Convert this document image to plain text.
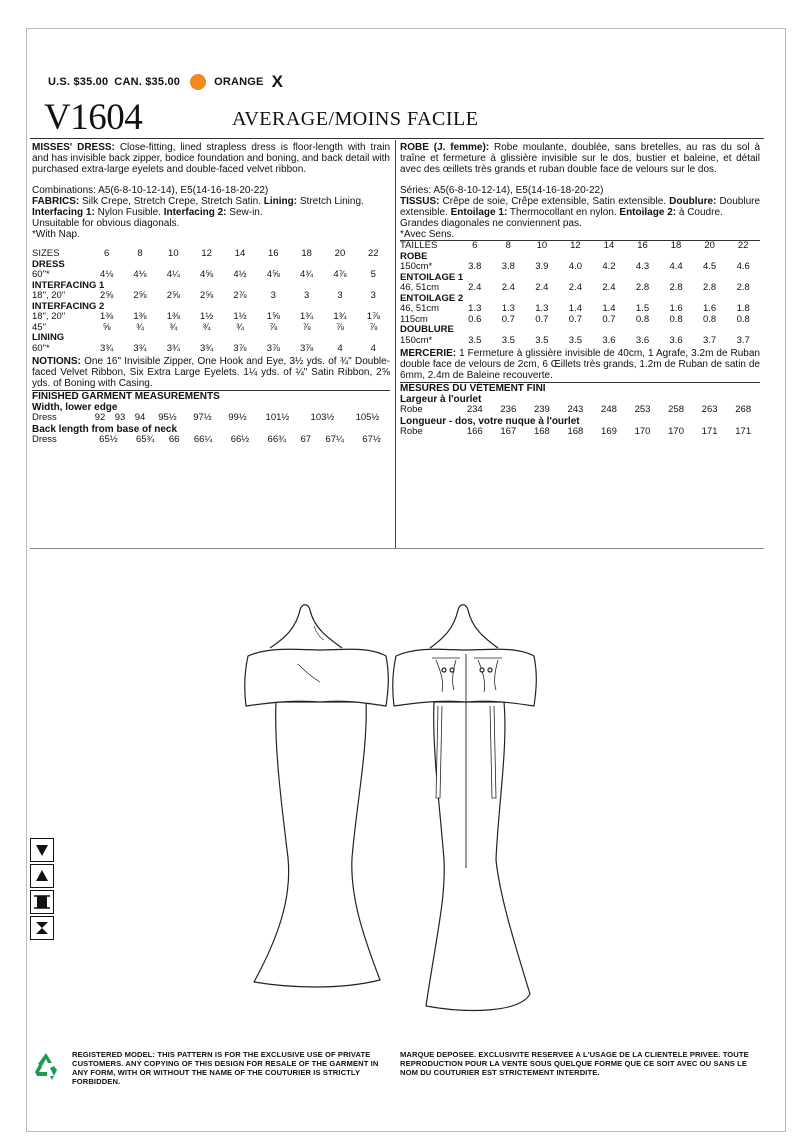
U.S. $35.00 CAN. $35.00	ORANGE X
V1604	AVERAGE/MOINS FACILE

MISSES' DRESS: Close-fitting, lined strapless dress is floor-length with train and has invisible back zipper, bodice foundation and boning, and back detail with purchased extra-large eyelets and double-faced velvet ribbon.

Combinations: A5(6-8-10-12-14), E5(14-16-18-20-22)

FABRICS: Silk Crepe, Stretch Crepe, Stretch Satin. Lining: Stretch Lining. Interfacing 1: Nylon Fusible. Interfacing 2: Sew-in.

Unsuitable for obvious diagonals.

*With Nap.

SIZES	6	8	10	12	14	16	18	20	22
DRESS									
60"*	4⅛	4⅛	4¼	4⅝	4½	4⅝	4¾	4⅞	5
INTERFACING 1									
18", 20"	2⅝	2⅝	2⅝	2⅝	2⅞	3	3	3	3
INTERFACING 2									
18", 20"	1⅜	1⅜	1⅜	1½	1½	1⅝	1¾	1¾	1⅞
45"	⅝	¾	¾	¾	¾	⅞	⅞	⅞	⅞
LINING									
60"*	3¾	3¾	3¾	3¾	3⅞	3⅞	3⅞	4	4

NOTIONS: One 16" Invisible Zipper, One Hook and Eye, 3½ yds. of ¾" Double-faced Velvet Ribbon, Six Extra Large Eyelets. 1¼ yds. of ¼" Satin Ribbon, 2⅝ yds. of Boning with Casing.

FINISHED GARMENT MEASUREMENTS
Width, lower edge
Dress	92	93	94	95½	97½	99½	101½	103½	105½
Back length from base of neck
Dress	65½	65¾	66	66¼	66½	66¾	67	67¼	67½

ROBE (J. femme): Robe moulante, doublée, sans bretelles, au ras du sol à traîne et fermeture à glissière invisible sur le dos, bustier et baleine, et détail avec des œillets très grands et ruban double face de velours sur le dos.

Séries: A5(6-8-10-12-14), E5(14-16-18-20-22)

TISSUS: Crêpe de soie, Crêpe extensible, Satin extensible. Doublure: Doublure extensible. Entoilage 1: Thermocollant en nylon. Entoilage 2: à Coudre.

Grandes diagonales ne conviennent pas.

*Avec Sens.

TAILLES	6	8	10	12	14	16	18	20	22
ROBE									
150cm*	3.8	3.8	3.9	4.0	4.2	4.3	4.4	4.5	4.6
ENTOILAGE 1									
46, 51cm	2.4	2.4	2.4	2.4	2.4	2.8	2.8	2.8	2.8
ENTOILAGE 2									
46, 51cm	1.3	1.3	1.3	1.4	1.4	1.5	1.6	1.6	1.8
115cm	0.6	0.7	0.7	0.7	0.7	0.8	0.8	0.8	0.8
DOUBLURE									
150cm*	3.5	3.5	3.5	3.5	3.6	3.6	3.6	3.7	3.7

MERCERIE: 1 Fermeture à glissière invisible de 40cm, 1 Agrafe, 3.2m de Ruban double face de velours de 2cm, 6 Œillets très grands, 1.2m de Ruban de satin de 6mm, 2.4m de Baleine recouverte.

MESURES DU VÊTEMENT FINI
Largeur à l'ourlet
Robe	234	236	239	243	248	253	258	263	268
Longueur - dos, votre nuque à l'ourlet
Robe	166	167	168	168	169	170	170	171	171
REGISTERED MODEL: THIS PATTERN IS FOR THE EXCLUSIVE USE OF PRIVATE CUSTOMERS. ANY COPYING OF THIS DESIGN FOR RESALE OF THE GARMENT IN ANY FORM, WITH OR WITHOUT THE NAME OF THE COUTURIER IS STRICTLY FORBIDDEN.
MARQUE DEPOSEE. EXCLUSIVITE RESERVEE A L'USAGE DE LA CLIENTELE PRIVEE. TOUTE REPRODUCTION POUR LA VENTE SOUS QUELQUE FORME QUE CE SOIT AVEC OU SANS LE NOM DU COUTURIER EST STRICTEMENT INTERDITE.
